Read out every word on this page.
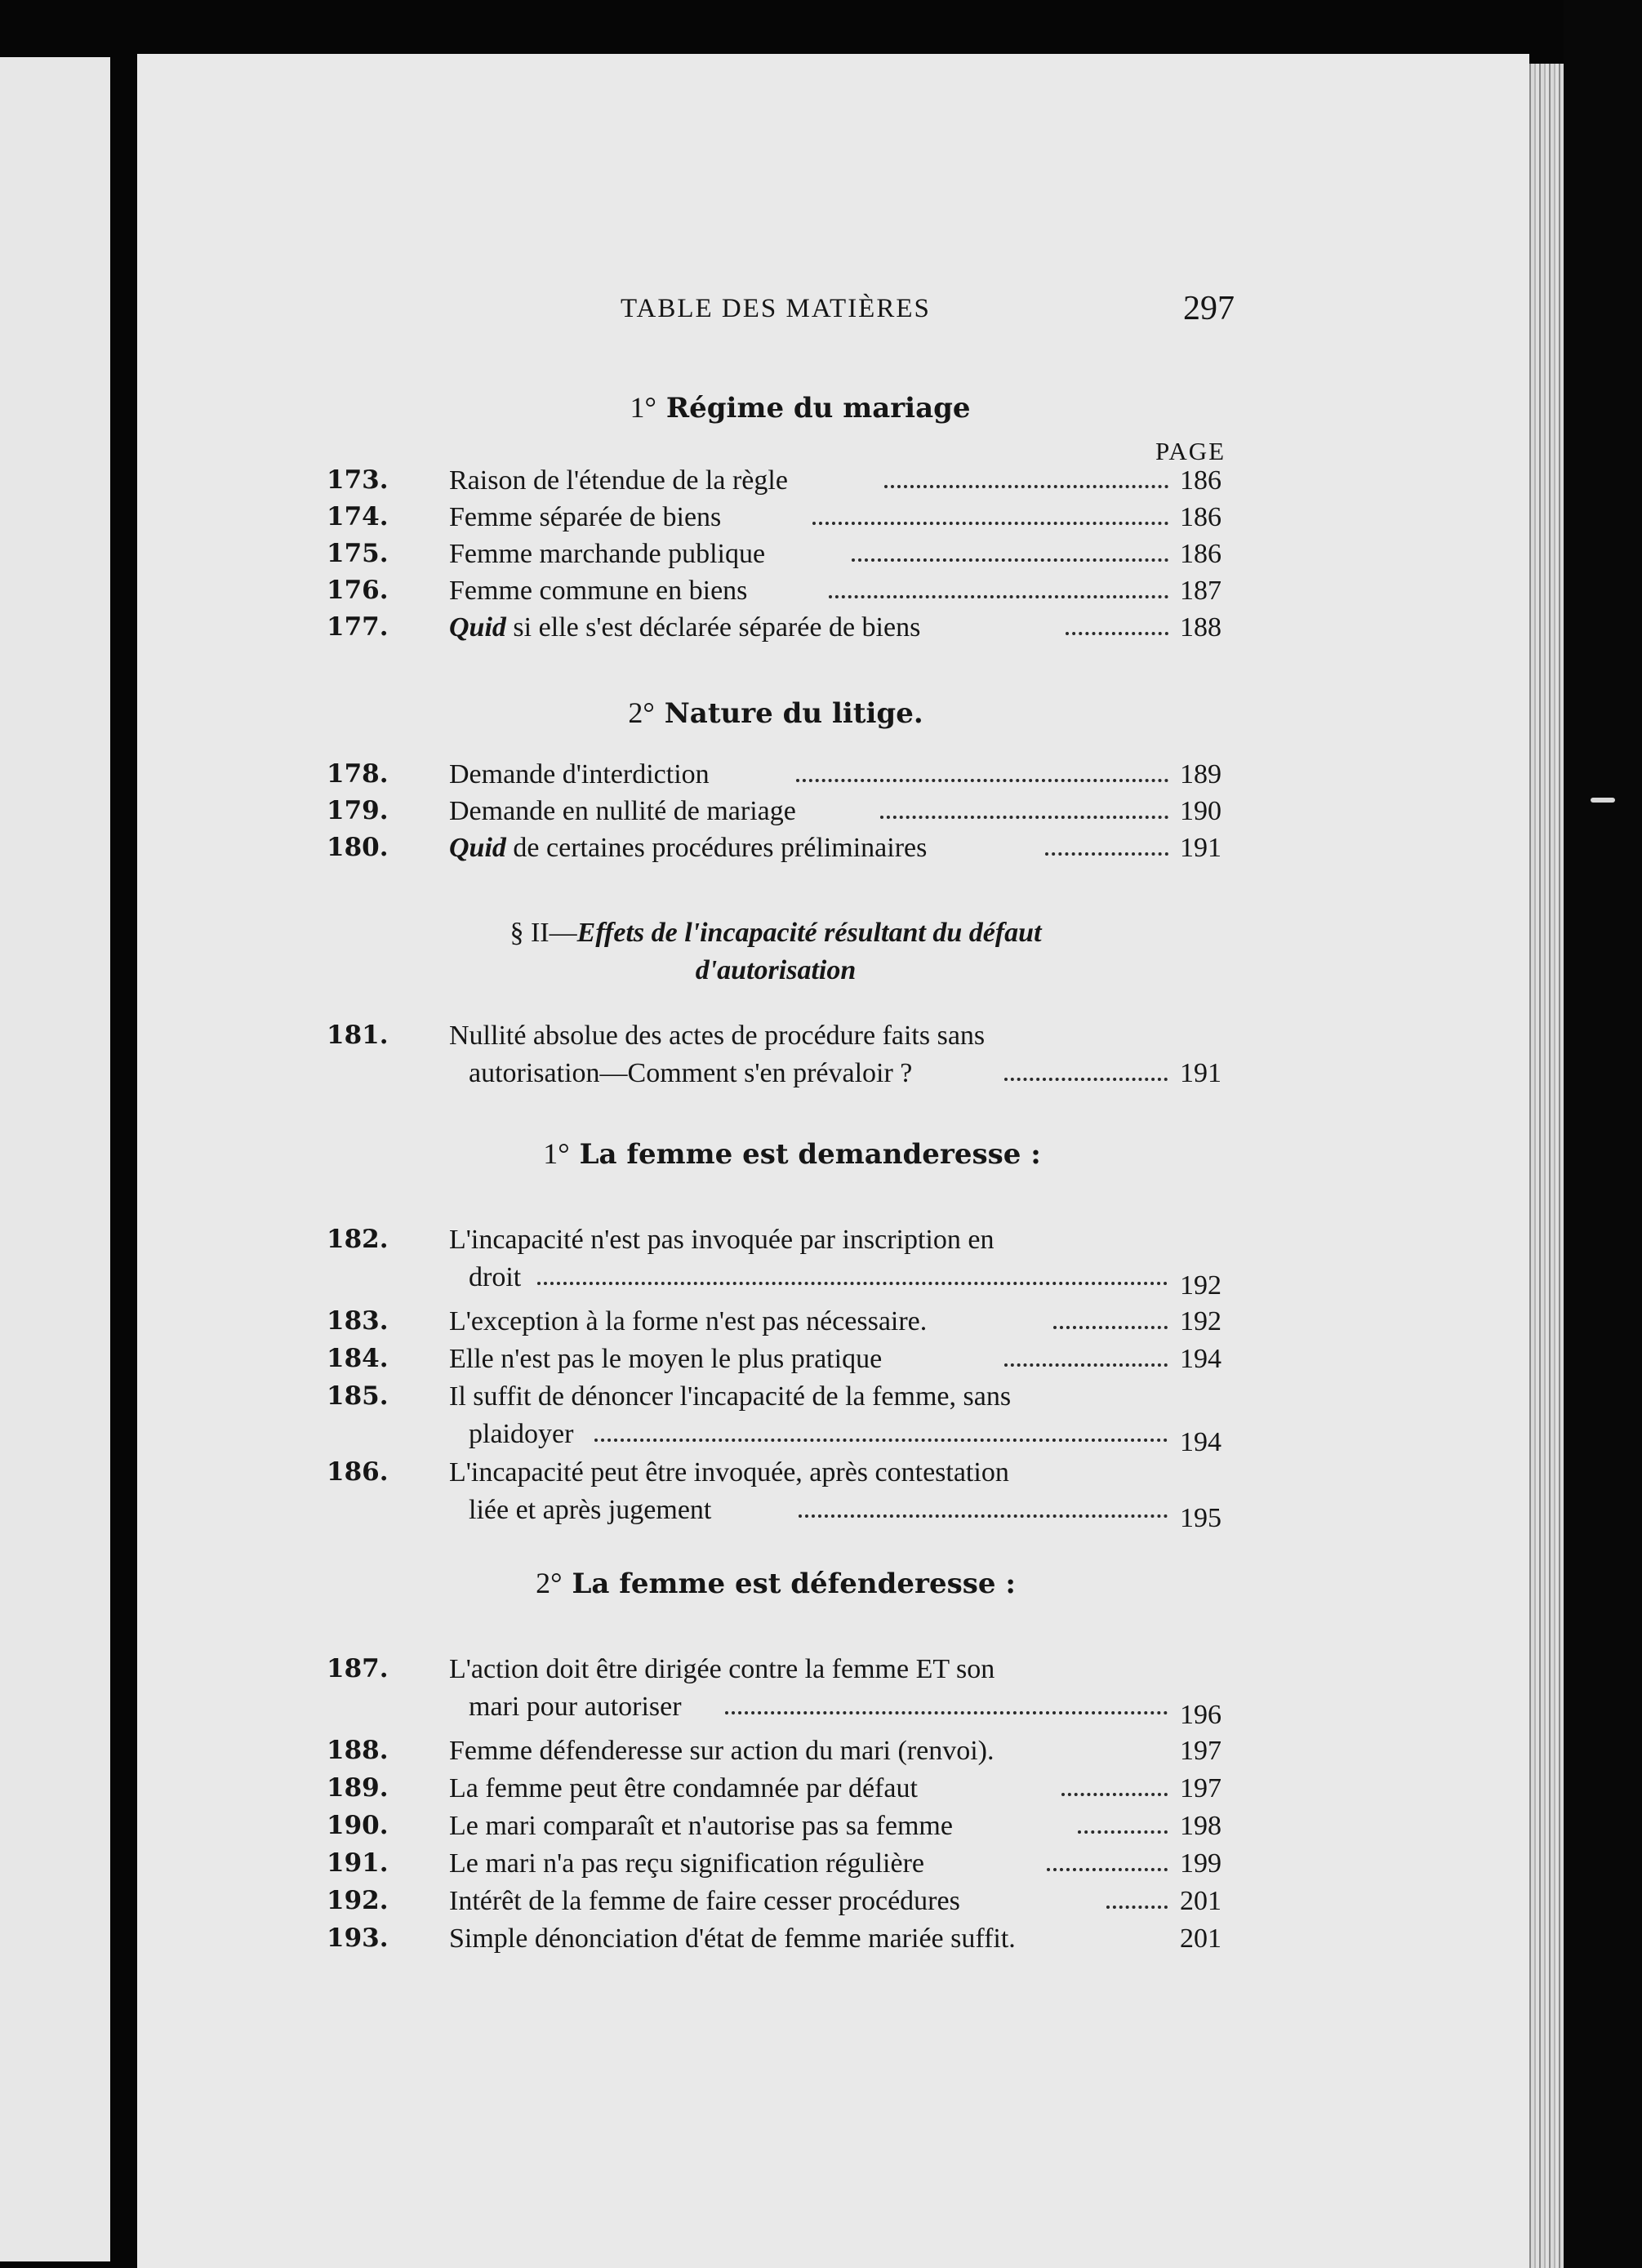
TABLE DES MATIÈRES	297
1° Régime du mariage
PAGE
173. Raison de l'étendue de la règle	186
174. Femme séparée de biens	186
175. Femme marchande publique	186
176. Femme commune en biens	187
177. Quid si elle s'est déclarée séparée de biens	188
2° Nature du litige.
178. Demande d'interdiction	189
179. Demande en nullité de mariage	190
180. Quid de certaines procédures préliminaires	191
§ II—Effets de l'incapacité résultant du défaut
d'autorisation
181. Nullité absolue des actes de procédure faits sans
autorisation—Comment s'en prévaloir ?	191
1° La femme est demanderesse :
182. L'incapacité n'est pas invoquée par inscription en
droit	192
183. L'exception à la forme n'est pas nécessaire.	192
184. Elle n'est pas le moyen le plus pratique	194
185. Il suffit de dénoncer l'incapacité de la femme, sans
plaidoyer	194
186. L'incapacité peut être invoquée, après contestation
liée et après jugement	195
2° La femme est défenderesse :
187. L'action doit être dirigée contre la femme ET son
mari pour autoriser	196
188. Femme défenderesse sur action du mari (renvoi).	197
189. La femme peut être condamnée par défaut	197
190. Le mari comparaît et n'autorise pas sa femme	198
191. Le mari n'a pas reçu signification régulière	199
192. Intérêt de la femme de faire cesser procédures	201
193. Simple dénonciation d'état de femme mariée suffit.	201
